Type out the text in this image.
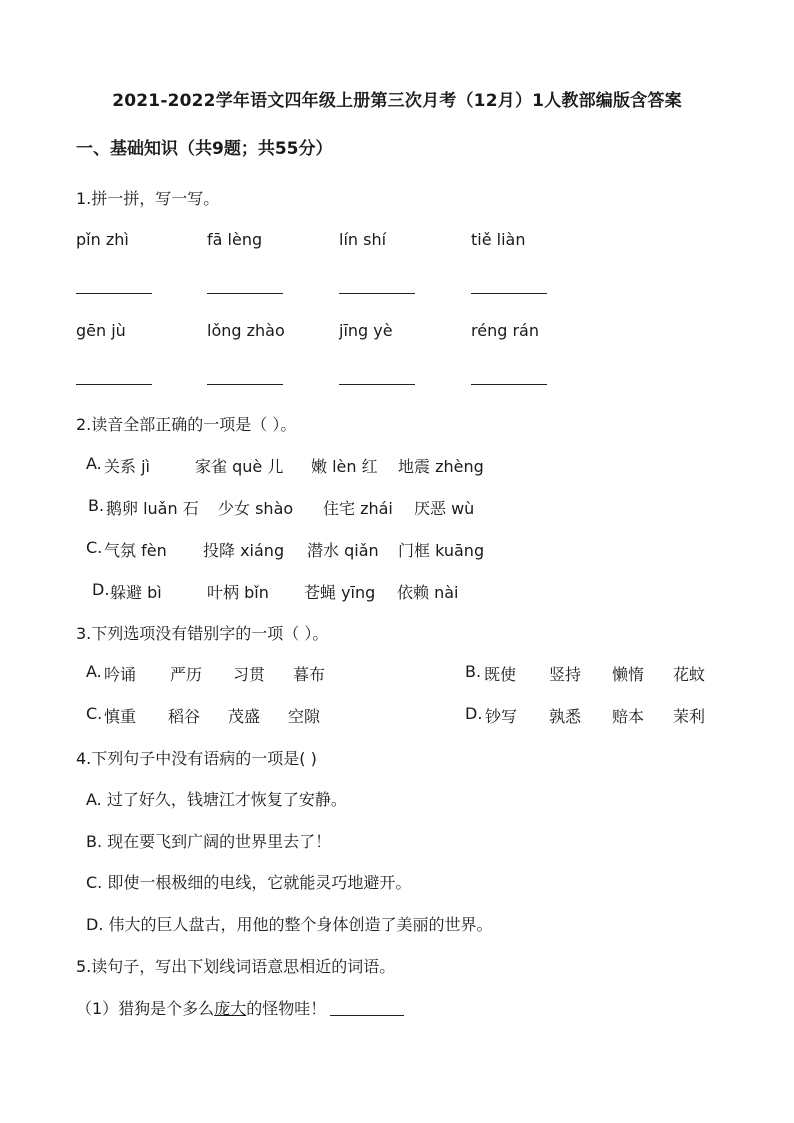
2021-2022学年语文四年级上册第三次月考（12月）1人教部编版含答案
一、基础知识（共9题；共55分）
1.拼一拼，写一写。
pǐn zhì	fā lèng	lín shí	tiě liàn
gēn jù	lǒng zhào	jīng yè	réng rán
2.读音全部正确的一项是（ ）。
A. 关系 jì	家雀 què 儿 嫩 lèn 红 地震 zhèng
B. 鹅卵 luǎn 石 少女 shào 住宅 zhái 厌恶 wù
C. 气氛 fèn 投降 xiáng 潜水 qiǎn 门框 kuāng
D. 躲避 bì	叶柄 bǐn 苍蝇 yīng 依赖 nài
3.下列选项没有错别字的一项（ ）。
A. 吟诵 严历 习贯 暮布	B. 既使 竖持 懒惰 花蚊
C. 慎重 稻谷 茂盛 空隙	D. 钞写 孰悉 赔本 茉利
4.下列句子中没有语病的一项是( )
A. 过了好久，钱塘江才恢复了安静。
B. 现在要飞到广阔的世界里去了！
C. 即使一根极细的电线，它就能灵巧地避开。
D. 伟大的巨人盘古，用他的整个身体创造了美丽的世界。
5.读句子，写出下划线词语意思相近的词语。
（1）猎狗是个多么庞大的怪物哇！
